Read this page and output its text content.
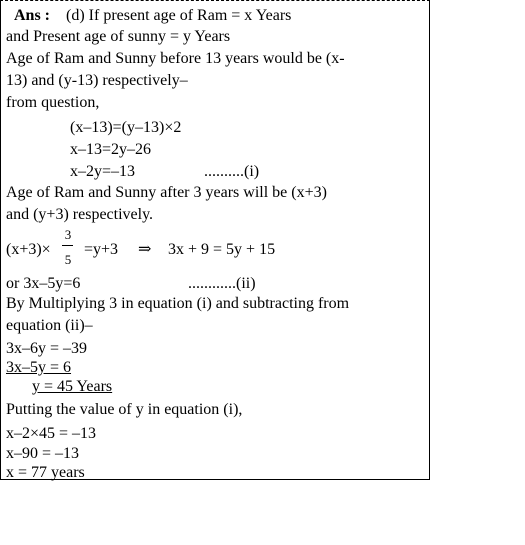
Ans : (d) If present age of Ram = x Years
and Present age of sunny = y Years
Age of Ram and Sunny before 13 years would be (x-
13) and (y-13) respectively–
from question,
(x–13)=(y–13)×2
x–13=2y–26
x–2y=–13	..........(i)
Age of Ram and Sunny after 3 years will be (x+3)
and (y+3) respectively.
(x+3)×
3
5
=y+3 ⇒ 3x + 9 = 5y + 15
or 3x–5y=6	............(ii)
By Multiplying 3 in equation (i) and subtracting from
equation (ii)–
3x–6y = –39
3x–5y = 6
y = 45 Years
Putting the value of y in equation (i),
x–2×45 = –13
x–90 = –13
x = 77 years
